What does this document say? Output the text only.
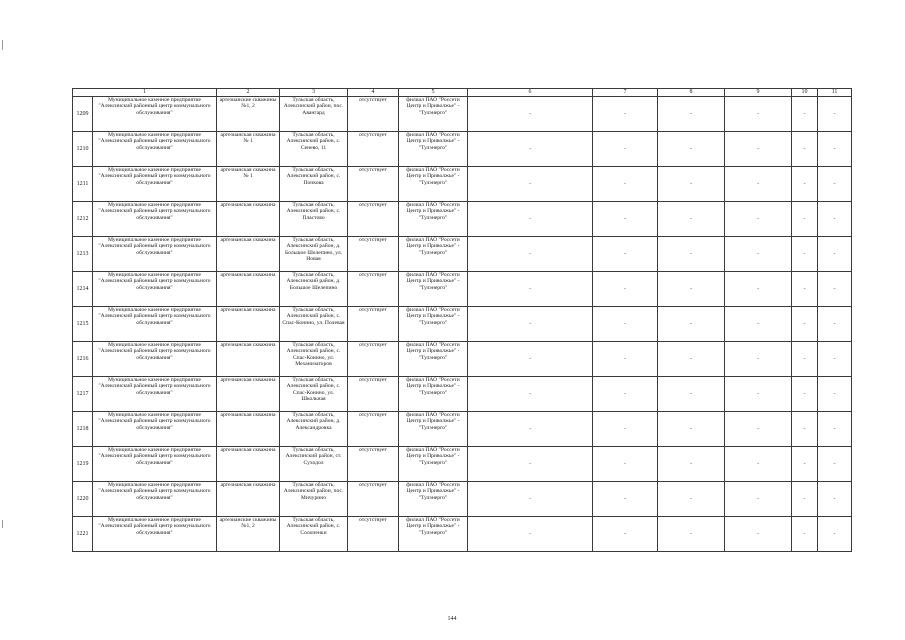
1		2	3	4	5	6	7	8	9	10	11
1209	Муниципальное казенное предприятие "Алексинский районный центр коммунального обслуживания"	артезианские скважины №1, 2	Тульская область, Алексинский район, пос. Авангард	отсутствует	филиал ПАО "Россети Центр и Приволжье" - "Тулэнерго"	-	-	-	-	-	-
1210	Муниципальное казенное предприятие "Алексинский районный центр коммунального обслуживания"	артезианская скважина № 1	Тульская область, Алексинский район, с. Сенево, 11	отсутствует	филиал ПАО "Россети Центр и Приволжье" - "Тулэнерго"	-	-	-	-	-	-
1211	Муниципальное казенное предприятие "Алексинский районный центр коммунального обслуживания"	артезианская скважина № 1	Тульская область, Алексинский район, с. Попкова	отсутствует	филиал ПАО "Россети Центр и Приволжье" - "Тулэнерго"	-	-	-	-	-	-
1212	Муниципальное казенное предприятие "Алексинский районный центр коммунального обслуживания"	артезианская скважина	Тульская область, Алексинский район, с. Пластово	отсутствует	филиал ПАО "Россети Центр и Приволжье" - "Тулэнерго"	-	-	-	-	-	-
1213	Муниципальное казенное предприятие "Алексинский районный центр коммунального обслуживания"	артезианская скважина	Тульская область, Алексинский район, д. Большое Шелепино, ул. Новая	отсутствует	филиал ПАО "Россети Центр и Приволжье" - "Тулэнерго"	-	-	-	-	-	-
1214	Муниципальное казенное предприятие "Алексинский районный центр коммунального обслуживания"	артезианская скважина	Тульская область, Алексинский район, д. Большое Шелепино	отсутствует	филиал ПАО "Россети Центр и Приволжье" - "Тулэнерго"	-	-	-	-	-	-
1215	Муниципальное казенное предприятие "Алексинский районный центр коммунального обслуживания"	артезианская скважина	Тульская область, Алексинский район, с. Спас-Конино, ул. Полевая	отсутствует	филиал ПАО "Россети Центр и Приволжье" - "Тулэнерго"	-	-	-	-	-	-
1216	Муниципальное казенное предприятие "Алексинский районный центр коммунального обслуживания"	артезианская скважина	Тульская область, Алексинский район, с. Спас-Конино, ул. Механизаторов	отсутствует	филиал ПАО "Россети Центр и Приволжье" - "Тулэнерго"	-	-	-	-	-	-
1217	Муниципальное казенное предприятие "Алексинский районный центр коммунального обслуживания"	артезианская скважина	Тульская область, Алексинский район, с. Спас-Конино, ул. Школьная	отсутствует	филиал ПАО "Россети Центр и Приволжье" - "Тулэнерго"	-	-	-	-	-	-
1218	Муниципальное казенное предприятие "Алексинский районный центр коммунального обслуживания"	артезианская скважина	Тульская область, Алексинский район, д. Александровка	отсутствует	филиал ПАО "Россети Центр и Приволжье" - "Тулэнерго"	-	-	-	-	-	-
1219	Муниципальное казенное предприятие "Алексинский районный центр коммунального обслуживания"	артезианская скважина	Тульская область, Алексинский район, ст. Суходол	отсутствует	филиал ПАО "Россети Центр и Приволжье" - "Тулэнерго"	-	-	-	-	-	-
1220	Муниципальное казенное предприятие "Алексинский районный центр коммунального обслуживания"	артезианская скважина	Тульская область, Алексинский район, пос. Мичурино	отсутствует	филиал ПАО "Россети Центр и Приволжье" - "Тулэнерго"	-	-	-	-	-	-
1221	Муниципальное казенное предприятие "Алексинский районный центр коммунального обслуживания"	артезианские скважины №1, 2	Тульская область, Алексинский район, с. Солопенки	отсутствует	филиал ПАО "Россети Центр и Приволжье" - "Тулэнерго"	-	-	-	-	-	-
144
